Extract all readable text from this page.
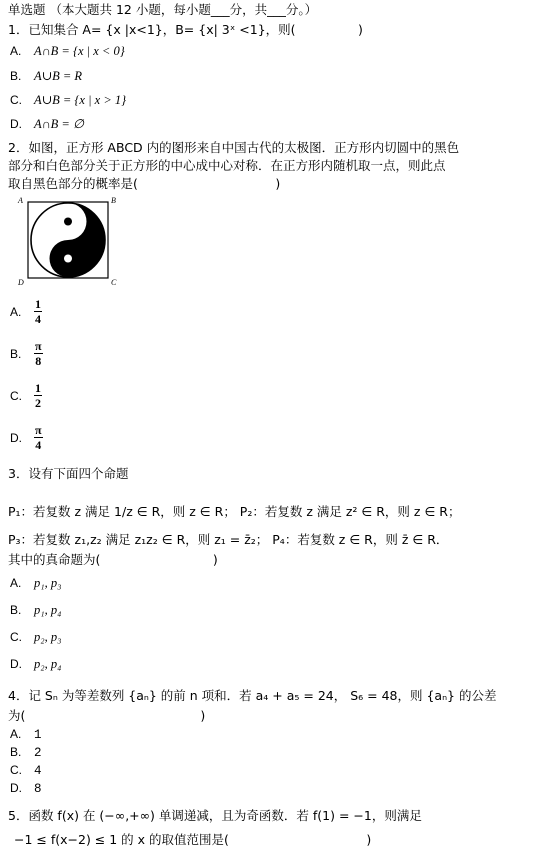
单选题 （本大题共 12 小题，每小题___分，共___分。）
1．已知集合 A= {x |x<1}，B= {x| 3ˣ <1}，则(　　　　　)
A. A∩B = {x | x < 0}
B. A∪B = R
C. A∪B = {x | x > 1}
D. A∩B = ∅
2．如图，正方形 ABCD 内的图形来自中国古代的太极图．正方形内切圆中的黑色
部分和白色部分关于正方形的中心成中心对称．在正方形内随机取一点，则此点
取自黑色部分的概率是(　　　　　　　　　　　)
A	B
C
D
A. $\frac{1}{4}$
B. $\frac{\pi}{8}$
C. $\frac{1}{2}$
D. $\frac{\pi}{4}$
3．设有下面四个命题
P₁：若复数 z 满足 1/z ∈ R，则 z ∈ R； P₂：若复数 z 满足 z² ∈ R，则 z ∈ R；
P₃：若复数 z₁,z₂ 满足 z₁z₂ ∈ R，则 z₁ = z̄₂； P₄：若复数 z ∈ R，则 z̄ ∈ R．
其中的真命题为(　　　　　　　　　)
A. p₁, p₃
B. p₁, p₄
C. p₂, p₃
D. p₂, p₄
4．记 Sₙ 为等差数列 {aₙ} 的前 n 项和．若 a₄ + a₅ = 24， S₆ = 48，则 {aₙ} 的公差
为(　　　　　　　　　　　　　　)
A. 1
B. 2
C. 4
D. 8
5．函数 f(x) 在 (−∞,+∞) 单调递减，且为奇函数．若 f(1) = −1，则满足
−1 ≤ f(x−2) ≤ 1 的 x 的取值范围是(　　　　　　　　　　　)
